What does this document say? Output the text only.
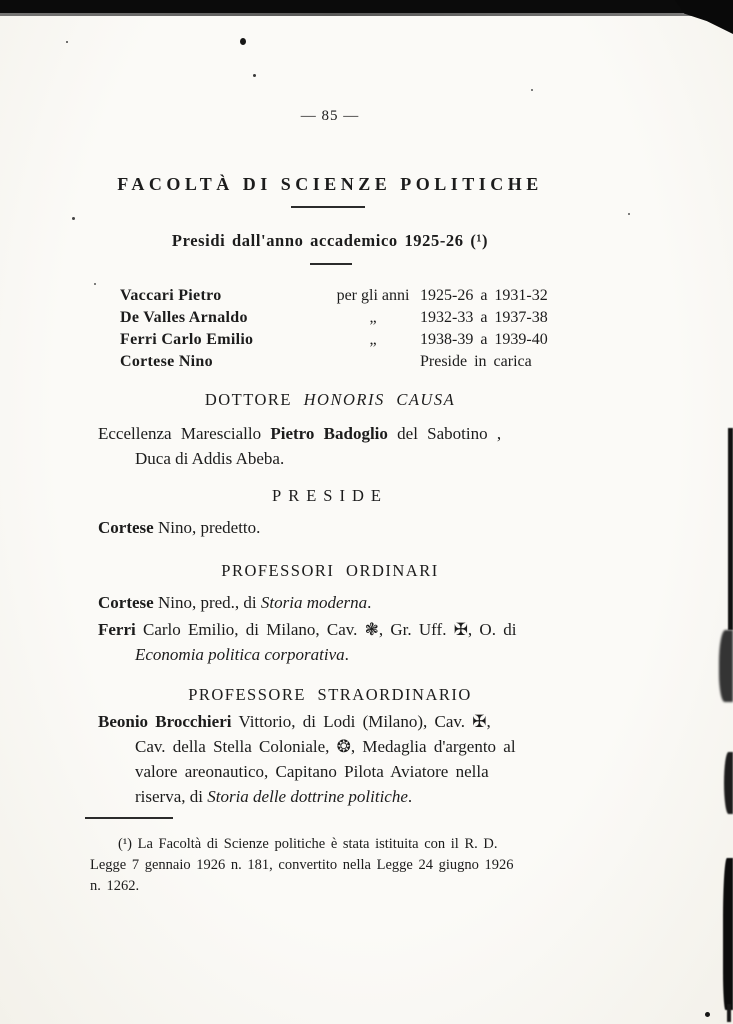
— 85 —
FACOLTÀ DI SCIENZE POLITICHE
Presidi dall'anno accademico 1925-26 (¹)
Vaccari Pietro	per gli anni 1925-26 a 1931-32
De Valles Arnaldo	„	1932-33 a 1937-38
Ferri Carlo Emilio	„	1938-39 a 1939-40
Cortese Nino	Preside in carica
DOTTORE HONORIS CAUSA
Eccellenza Maresciallo Pietro Badoglio del Sabotino ,
Duca di Addis Abeba.
PRESIDE
Cortese Nino, predetto.
PROFESSORI ORDINARI
Cortese Nino, pred., di Storia moderna.
Ferri Carlo Emilio, di Milano, Cav. ❃, Gr. Uff. ✠, O. di
Economia politica corporativa.
PROFESSORE STRAORDINARIO
Beonio Brocchieri Vittorio, di Lodi (Milano), Cav. ✠,
Cav. della Stella Coloniale, ❂, Medaglia d'argento al
valore areonautico, Capitano Pilota Aviatore nella
riserva, di Storia delle dottrine politiche.
(¹) La Facoltà di Scienze politiche è stata istituita con il R. D.
Legge 7 gennaio 1926 n. 181, convertito nella Legge 24 giugno 1926
n. 1262.
